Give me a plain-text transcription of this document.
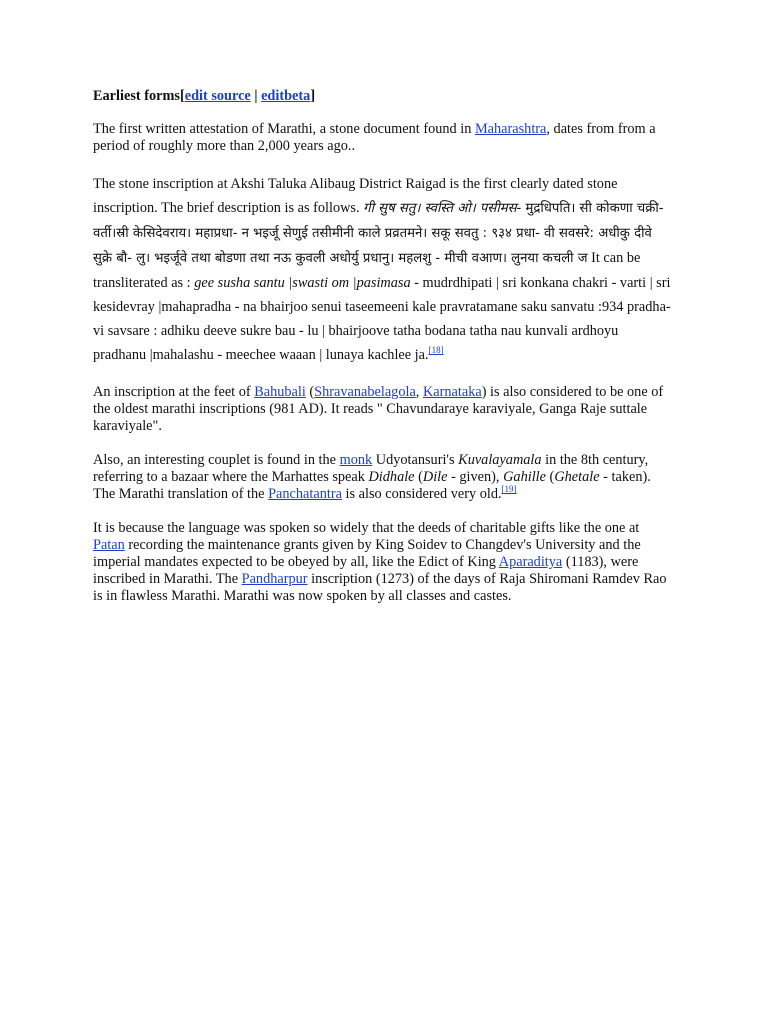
Earliest forms[edit source | editbeta]

The first written attestation of Marathi, a stone document found in Maharashtra, dates from from a period of roughly more than 2,000 years ago..

The stone inscription at Akshi Taluka Alibaug District Raigad is the first clearly dated stone inscription. The brief description is as follows. गी सुष सतु। स्वस्ति ओ। पसीमस- मुद्रधिपति। सी कोकणा चक्री- वर्ती।स्री केसिदेवराय। महाप्रधा- न भइर्जू सेणुई तसीमीनी काले प्रव्रतमने। सकू सवतु : ९३४ प्रधा- वी सवसरे: अधीकु दीवे सुक्रे बौ- लु। भइर्जूवे तथा बोडणा तथा नऊ कुवली अधोर्यु प्रधानु। महलशु - मीची वआण। लुनया कचली ज It can be transliterated as : gee susha santu |swasti om |pasimasa - mudrdhipati | sri konkana chakri - varti | sri kesidevray |mahapradha - na bhairjoo senui taseemeeni kale pravratamane saku sanvatu :934 pradha- vi savsare : adhiku deeve sukre bau - lu | bhairjoove tatha bodana tatha nau kunvali ardhoyu pradhanu |mahalashu - meechee waaan | lunaya kachlee ja.[18]

An inscription at the feet of Bahubali (Shravanabelagola, Karnataka) is also considered to be one of the oldest marathi inscriptions (981 AD). It reads " Chavundaraye karaviyale, Ganga Raje suttale karaviyale".

Also, an interesting couplet is found in the monk Udyotansuri's Kuvalayamala in the 8th century, referring to a bazaar where the Marhattes speak Didhale (Dile - given), Gahille (Ghetale - taken). The Marathi translation of the Panchatantra is also considered very old.[19]

It is because the language was spoken so widely that the deeds of charitable gifts like the one at Patan recording the maintenance grants given by King Soidev to Changdev's University and the imperial mandates expected to be obeyed by all, like the Edict of King Aparaditya (1183), were inscribed in Marathi. The Pandharpur inscription (1273) of the days of Raja Shiromani Ramdev Rao is in flawless Marathi. Marathi was now spoken by all classes and castes.
